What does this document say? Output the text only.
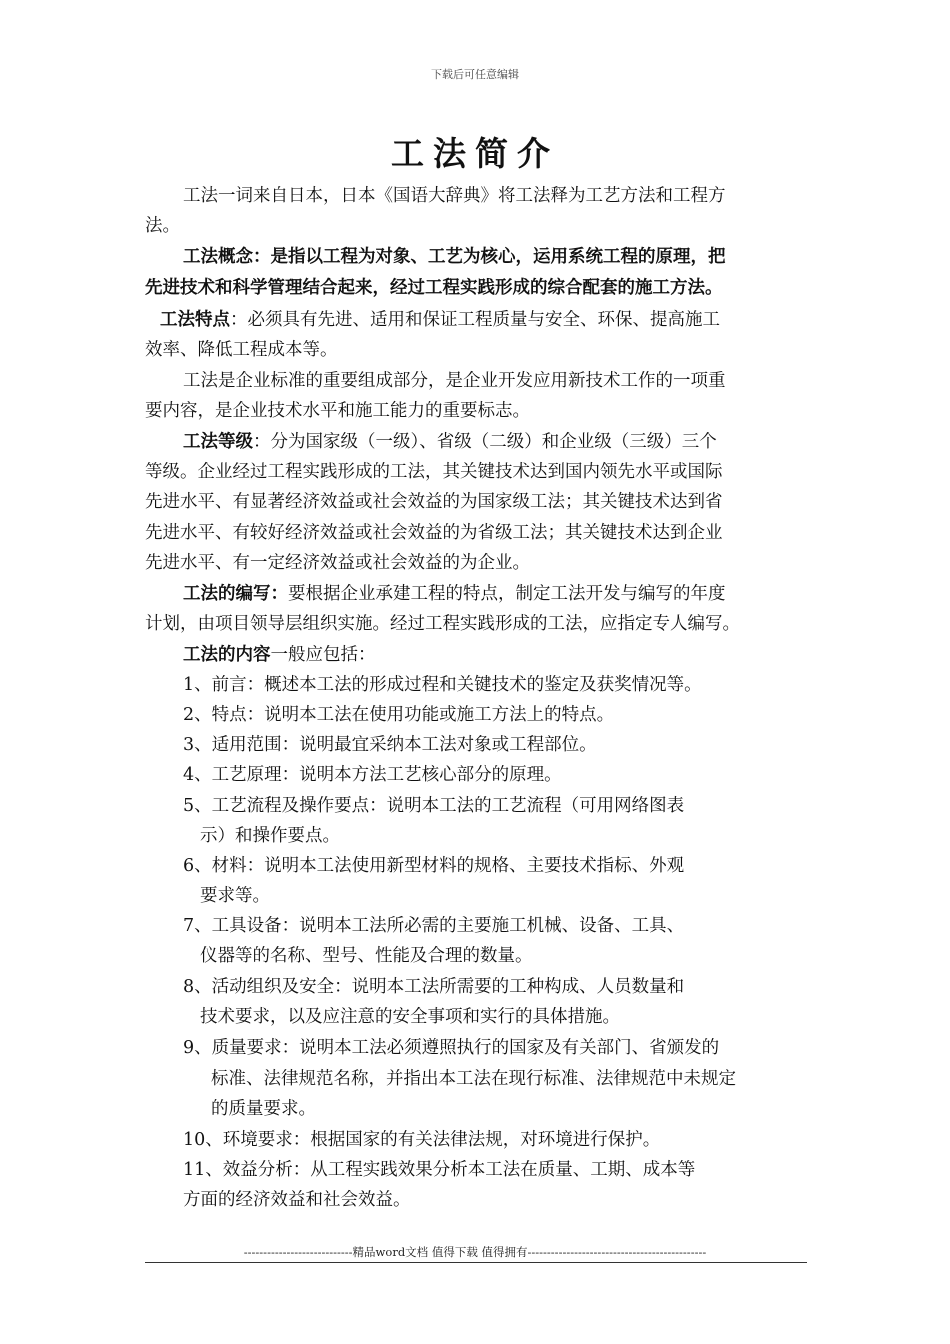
下载后可任意编辑
工法简介
工法一词来自日本，日本《国语大辞典》将工法释为工艺方法和工程方
法。
工法概念：是指以工程为对象、工艺为核心，运用系统工程的原理，把
先进技术和科学管理结合起来，经过工程实践形成的综合配套的施工方法。
工法特点：必须具有先进、适用和保证工程质量与安全、环保、提高施工
效率、降低工程成本等。
工法是企业标准的重要组成部分，是企业开发应用新技术工作的一项重
要内容，是企业技术水平和施工能力的重要标志。
工法等级：分为国家级（一级）、省级（二级）和企业级（三级）三个
等级。企业经过工程实践形成的工法，其关键技术达到国内领先水平或国际
先进水平、有显著经济效益或社会效益的为国家级工法；其关键技术达到省
先进水平、有较好经济效益或社会效益的为省级工法；其关键技术达到企业
先进水平、有一定经济效益或社会效益的为企业。
工法的编写：要根据企业承建工程的特点，制定工法开发与编写的年度
计划，由项目领导层组织实施。经过工程实践形成的工法，应指定专人编写。
工法的内容一般应包括：
1、前言：概述本工法的形成过程和关键技术的鉴定及获奖情况等。
2、特点：说明本工法在使用功能或施工方法上的特点。
3、适用范围：说明最宜采纳本工法对象或工程部位。
4、工艺原理：说明本方法工艺核心部分的原理。
5、工艺流程及操作要点：说明本工法的工艺流程（可用网络图表
示）和操作要点。
6、材料：说明本工法使用新型材料的规格、主要技术指标、外观
要求等。
7、工具设备：说明本工法所必需的主要施工机械、设备、工具、
仪器等的名称、型号、性能及合理的数量。
8、活动组织及安全：说明本工法所需要的工种构成、人员数量和
技术要求，以及应注意的安全事项和实行的具体措施。
9、质量要求：说明本工法必须遵照执行的国家及有关部门、省颁发的
标准、法律规范名称，并指出本工法在现行标准、法律规范中未规定
的质量要求。
10、环境要求：根据国家的有关法律法规，对环境进行保护。
11、效益分析：从工程实践效果分析本工法在质量、工期、成本等
方面的经济效益和社会效益。
----------------------------精品word文档 值得下载 值得拥有----------------------------------------------
